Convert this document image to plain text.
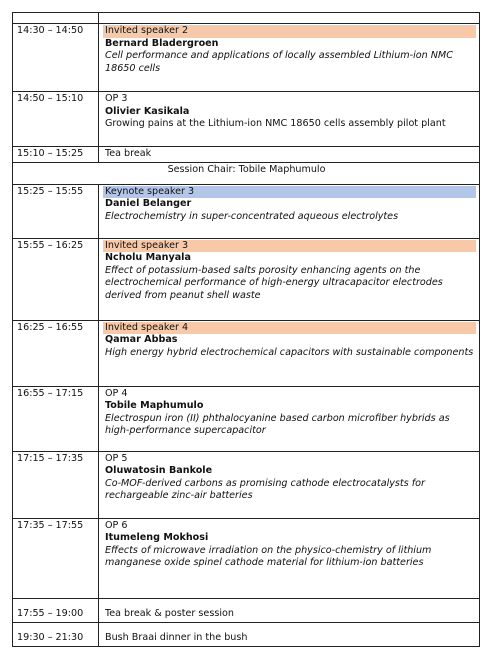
14:30 – 14:50	Invited speaker 2
Bernard Bladergroen
Cell performance and applications of locally assembled Lithium-ion NMC 18650 cells

14:50 – 15:10	OP 3
Olivier Kasikala
Growing pains at the Lithium-ion NMC 18650 cells assembly pilot plant

15:10 – 15:25	Tea break

Session Chair: Tobile Maphumulo	
15:25 – 15:55	Keynote speaker 3
Daniel Belanger
Electrochemistry in super-concentrated aqueous electrolytes

15:55 – 16:25	Invited speaker 3
Ncholu Manyala
Effect of potassium-based salts porosity enhancing agents on the electrochemical performance of high-energy ultracapacitor electrodes derived from peanut shell waste

16:25 – 16:55	Invited speaker 4
Qamar Abbas
High energy hybrid electrochemical capacitors with sustainable components

16:55 – 17:15	OP 4
Tobile Maphumulo
Electrospun iron (II) phthalocyanine based carbon microfiber hybrids as high-performance supercapacitor

17:15 – 17:35	OP 5
Oluwatosin Bankole
Co-MOF-derived carbons as promising cathode electrocatalysts for rechargeable zinc-air batteries

17:35 – 17:55	OP 6
Itumeleng Mokhosi
Effects of microwave irradiation on the physico-chemistry of lithium manganese oxide spinel cathode material for lithium-ion batteries

17:55 – 19:00	Tea break & poster session

19:30 – 21:30	Bush Braai dinner in the bush
